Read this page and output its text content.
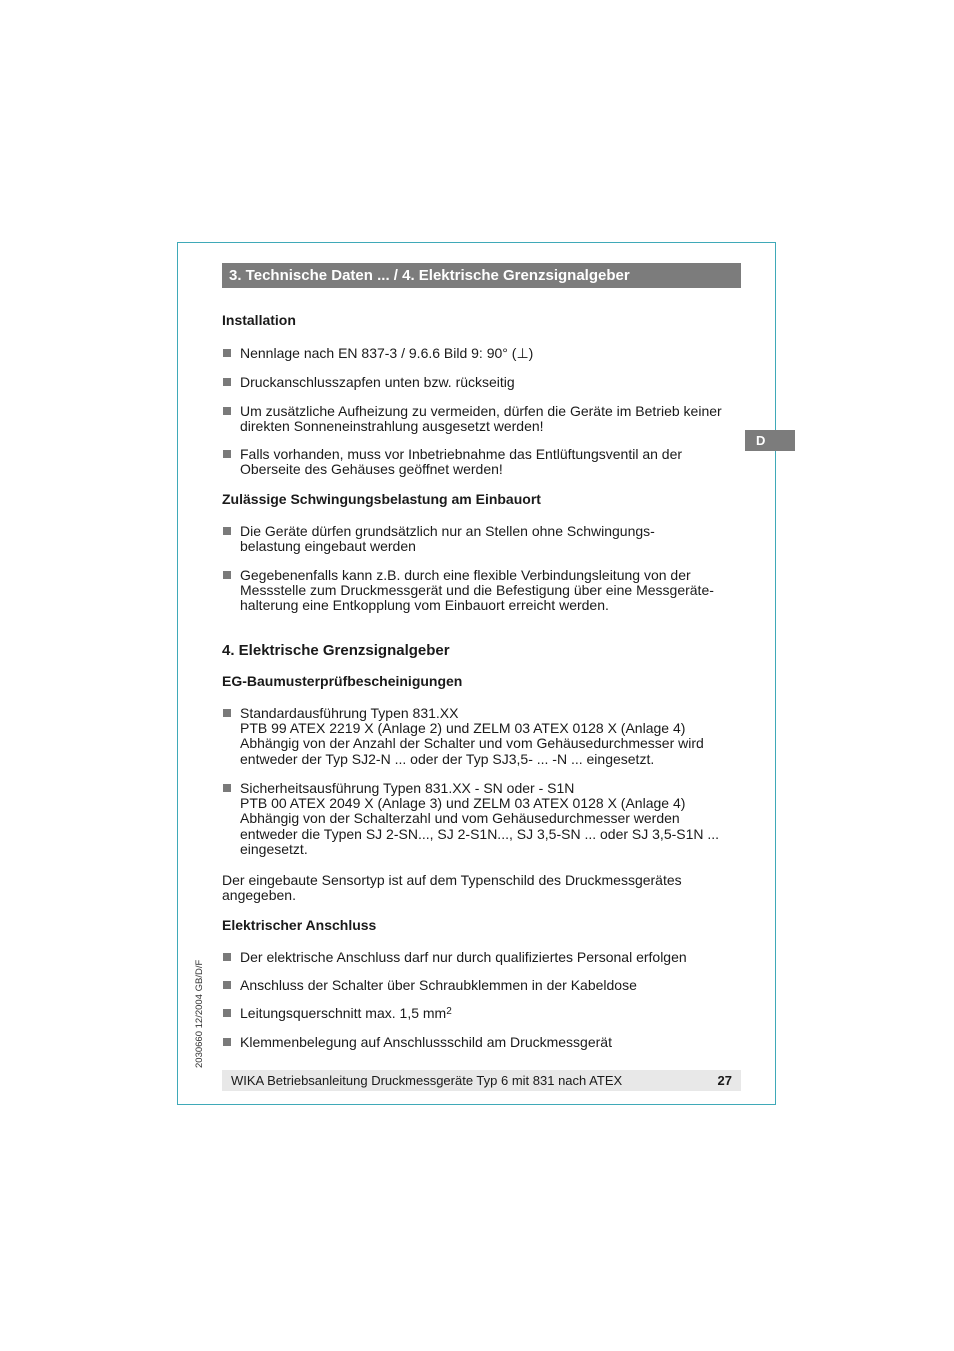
3. Technische Daten ... / 4. Elektrische Grenzsignalgeber
D
2030660 12/2004 GB/D/F
Installation
Nennlage nach EN 837-3 / 9.6.6 Bild 9: 90° (⊥)
Druckanschlusszapfen unten bzw. rückseitig
Um zusätzliche Aufheizung zu vermeiden, dürfen die Geräte im Betrieb keiner
direkten Sonneneinstrahlung ausgesetzt werden!
Falls vorhanden, muss vor Inbetriebnahme das Entlüftungsventil an der
Oberseite des Gehäuses geöffnet werden!
Zulässige Schwingungsbelastung am Einbauort
Die Geräte dürfen grundsätzlich nur an Stellen ohne Schwingungs-
belastung eingebaut werden
Gegebenenfalls kann z.B. durch eine flexible Verbindungsleitung von der
Messstelle zum Druckmessgerät und die Befestigung über eine Messgeräte-
halterung eine Entkopplung vom Einbauort erreicht werden.
4. Elektrische Grenzsignalgeber
EG-Baumusterprüfbescheinigungen
Standardausführung Typen 831.XX
PTB 99 ATEX 2219 X (Anlage 2) und ZELM 03 ATEX 0128 X (Anlage 4)
Abhängig von der Anzahl der Schalter und vom Gehäusedurchmesser wird
entweder der Typ SJ2-N ... oder der Typ SJ3,5- ... -N ... eingesetzt.
Sicherheitsausführung Typen 831.XX - SN oder - S1N
PTB 00 ATEX 2049 X (Anlage 3) und ZELM 03 ATEX 0128 X (Anlage 4)
Abhängig von der Schalterzahl und vom Gehäusedurchmesser werden
entweder die Typen SJ 2-SN..., SJ 2-S1N..., SJ 3,5-SN ... oder SJ 3,5-S1N ...
eingesetzt.
Der eingebaute Sensortyp ist auf dem Typenschild des Druckmessgerätes
angegeben.
Elektrischer Anschluss
Der elektrische Anschluss darf nur durch qualifiziertes Personal erfolgen
Anschluss der Schalter über Schraubklemmen in der Kabeldose
Leitungsquerschnitt max. 1,5 $mm^2$
Klemmenbelegung auf Anschlussschild am Druckmessgerät
WIKA Betriebsanleitung Druckmessgeräte Typ 6 mit 831 nach ATEX	27
